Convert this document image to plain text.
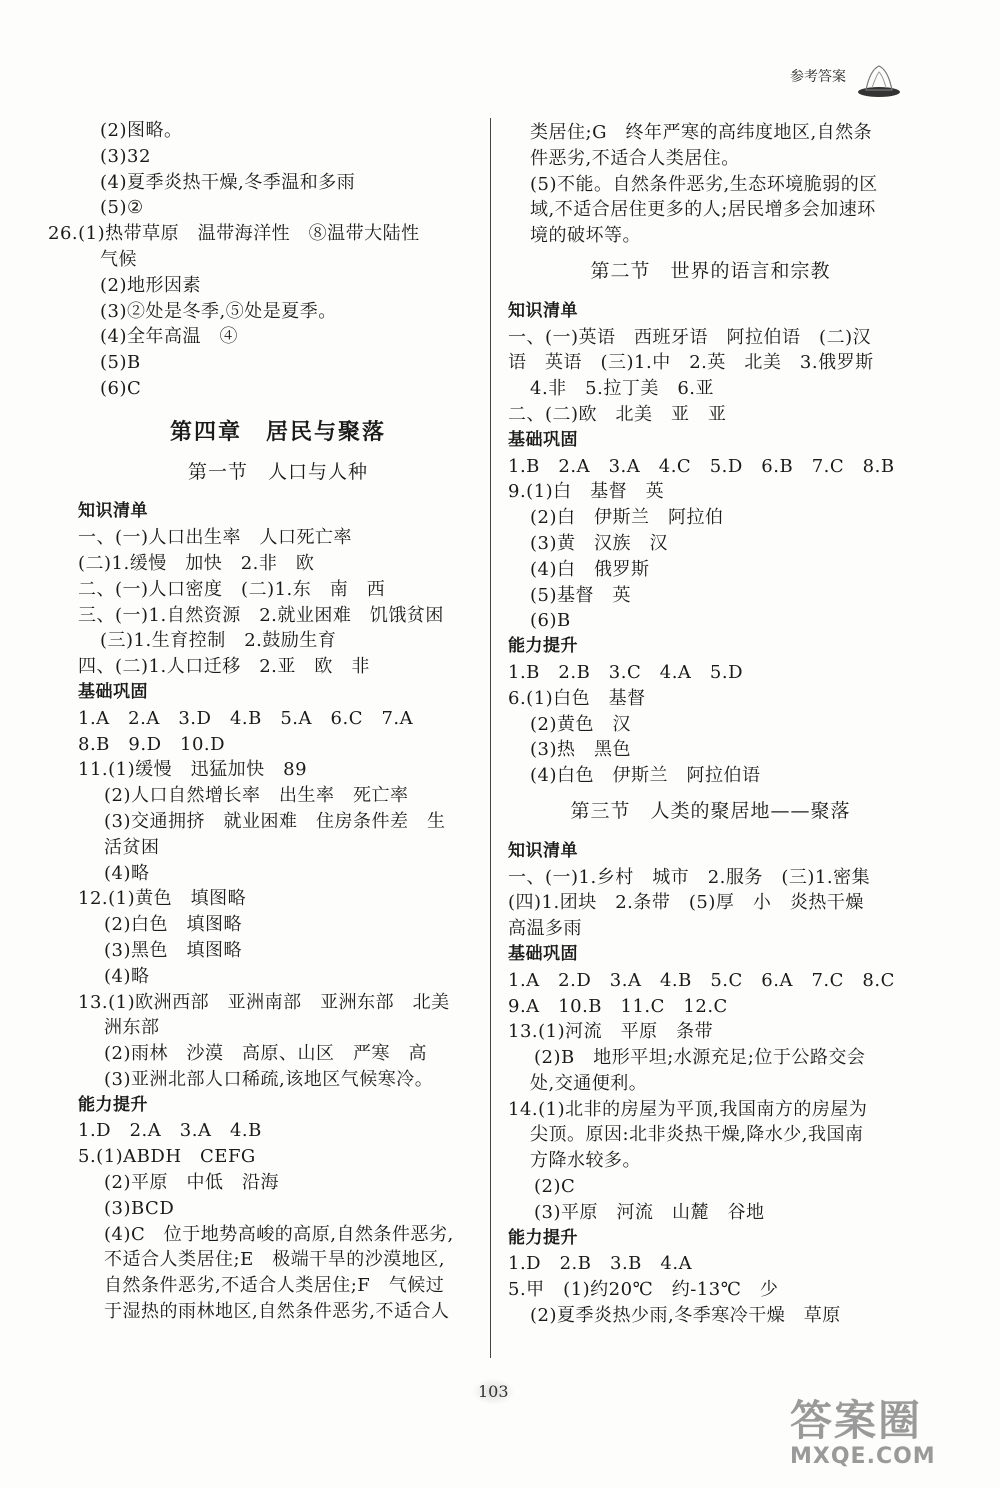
参考答案
(2)图略。
(3)32
(4)夏季炎热干燥,冬季温和多雨
(5)②
26.(1)热带草原　温带海洋性　⑧温带大陆性
气候
(2)地形因素
(3)②处是冬季,⑤处是夏季。
(4)全年高温　④
(5)B
(6)C
第四章　居民与聚落
第一节　人口与人种
知识清单
一、(一)人口出生率　人口死亡率
(二)1.缓慢　加快　2.非　欧
二、(一)人口密度　(二)1.东　南　西
三、(一)1.自然资源　2.就业困难　饥饿贫困
(三)1.生育控制　2.鼓励生育
四、(二)1.人口迁移　2.亚　欧　非
基础巩固
1.A　2.A　3.D　4.B　5.A　6.C　7.A
8.B　9.D　10.D
11.(1)缓慢　迅猛加快　89
(2)人口自然增长率　出生率　死亡率
(3)交通拥挤　就业困难　住房条件差　生
活贫困
(4)略
12.(1)黄色　填图略
(2)白色　填图略
(3)黑色　填图略
(4)略
13.(1)欧洲西部　亚洲南部　亚洲东部　北美
洲东部
(2)雨林　沙漠　高原、山区　严寒　高
(3)亚洲北部人口稀疏,该地区气候寒冷。
能力提升
1.D　2.A　3.A　4.B
5.(1)ABDH　CEFG
(2)平原　中低　沿海
(3)BCD
(4)C　位于地势高峻的高原,自然条件恶劣,
不适合人类居住;E　极端干旱的沙漠地区,
自然条件恶劣,不适合人类居住;F　气候过
于湿热的雨林地区,自然条件恶劣,不适合人
类居住;G　终年严寒的高纬度地区,自然条
件恶劣,不适合人类居住。
(5)不能。自然条件恶劣,生态环境脆弱的区
域,不适合居住更多的人;居民增多会加速环
境的破坏等。
第二节　世界的语言和宗教
知识清单
一、(一)英语　西班牙语　阿拉伯语　(二)汉
语　英语　(三)1.中　2.英　北美　3.俄罗斯
4.非　5.拉丁美　6.亚
二、(二)欧　北美　亚　亚
基础巩固
1.B　2.A　3.A　4.C　5.D　6.B　7.C　8.B
9.(1)白　基督　英
(2)白　伊斯兰　阿拉伯
(3)黄　汉族　汉
(4)白　俄罗斯
(5)基督　英
(6)B
能力提升
1.B　2.B　3.C　4.A　5.D
6.(1)白色　基督
(2)黄色　汉
(3)热　黑色
(4)白色　伊斯兰　阿拉伯语
第三节　人类的聚居地——聚落
知识清单
一、(一)1.乡村　城市　2.服务　(三)1.密集
(四)1.团块　2.条带　(5)厚　小　炎热干燥
高温多雨
基础巩固
1.A　2.D　3.A　4.B　5.C　6.A　7.C　8.C
9.A　10.B　11.C　12.C
13.(1)河流　平原　条带
(2)B　地形平坦;水源充足;位于公路交会
处,交通便利。
14.(1)北非的房屋为平顶,我国南方的房屋为
尖顶。原因:北非炎热干燥,降水少,我国南
方降水较多。
(2)C
(3)平原　河流　山麓　谷地
能力提升
1.D　2.B　3.B　4.A
5.甲　(1)约20℃　约-13℃　少
(2)夏季炎热少雨,冬季寒冷干燥　草原
103
答案圈
MXQE.COM
